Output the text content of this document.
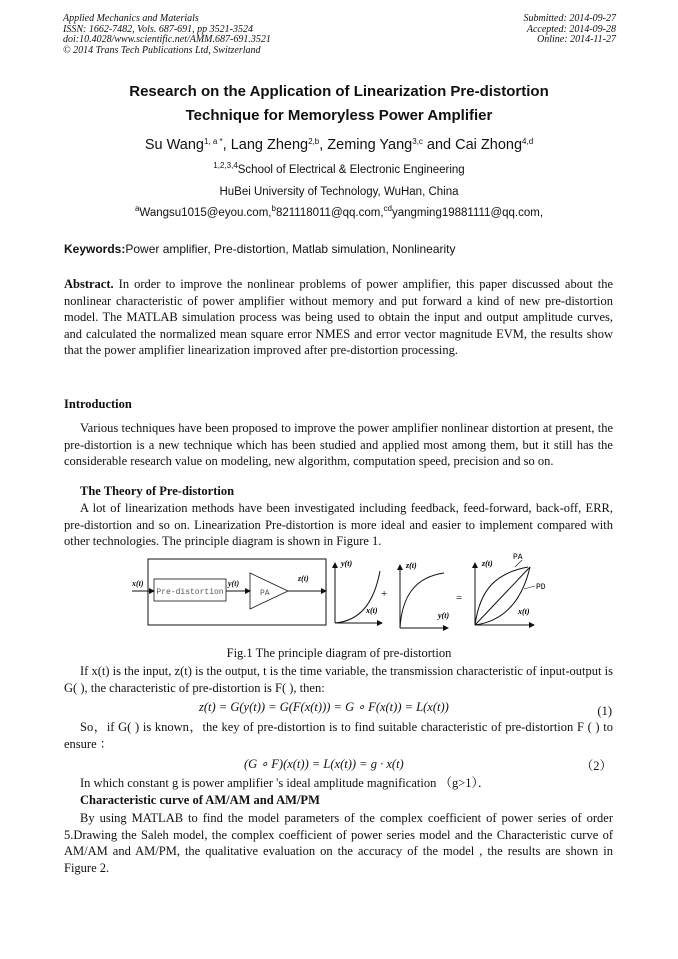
Applied Mechanics and Materials
ISSN: 1662-7482, Vols. 687-691, pp 3521-3524
doi:10.4028/www.scientific.net/AMM.687-691.3521
© 2014 Trans Tech Publications Ltd, Switzerland
Submitted: 2014-09-27
Accepted: 2014-09-28
Online: 2014-11-27
Research on the Application of Linearization Pre-distortion
Technique for Memoryless Power Amplifier
Su Wang$^{1, a *}$, Lang Zheng$^{2,b}$, Zeming Yang$^{3,c}$ and Cai Zhong$^{4,d}$
$^{1,2,3,4}$School of Electrical & Electronic Engineering
HuBei University of Technology, WuHan, China
$^a$Wangsu1015@eyou.com,$^b$821118011@qq.com,$^{cd}$yangming19881111@qq.com,
Keywords:Power amplifier, Pre-distortion, Matlab simulation, Nonlinearity
Abstract. In order to improve the nonlinear problems of power amplifier, this paper discussed about the nonlinear characteristic of power amplifier without memory and put forward a kind of new pre-distortion model. The MATLAB simulation process was being used to obtain the input and output amplitude curves, and calculated the normalized mean square error NMES and error vector magnitude EVM, the results show that the power amplifier linearization improved after pre-distortion processing.
Introduction
Various techniques have been proposed to improve the power amplifier nonlinear distortion at present, the pre-distortion is a new technique which has been studied and applied most among them, but it still has the considerable research value on modeling, new algorithm, computation speed, precision and so on.
The Theory of Pre-distortion
A lot of linearization methods have been investigated including feedback, feed-forward, back-off, ERR, pre-distortion and so on. Linearization Pre-distortion is more ideal and easier to implement compared with other technologies. The principle diagram is shown in Figure 1.
x(t)	y(t)
z(t)
Pre-distortion	PA
y(t)
x(t)
+
z(t)
y(t)
=
z(t)
x(t)
PA
PD
Fig.1 The principle diagram of pre-distortion
If x(t) is the input, z(t) is the output, t is the time variable, the transmission characteristic of input-output is G( ), the characteristic of pre-distortion is F( ), then:
z(t) = G(y(t)) = G(F(x(t))) = G ∘ F(x(t)) = L(x(t))	(1)
So，if G( ) is known，the key of pre-distortion is to find suitable characteristic of pre-distortion F ( ) to ensure ：
(G ∘ F)(x(t)) = L(x(t)) = g · x(t)	（2）
In which constant g is power amplifier 's ideal amplitude magnification （g>1）．
Characteristic curve of AM/AM and AM/PM
By using MATLAB to find the model parameters of the complex coefficient of power series of order 5.Drawing the Saleh model, the complex coefficient of power series model and the Characteristic curve of AM/AM and AM/PM, the qualitative evaluation on the accuracy of the model , the results are shown in Figure 2.
